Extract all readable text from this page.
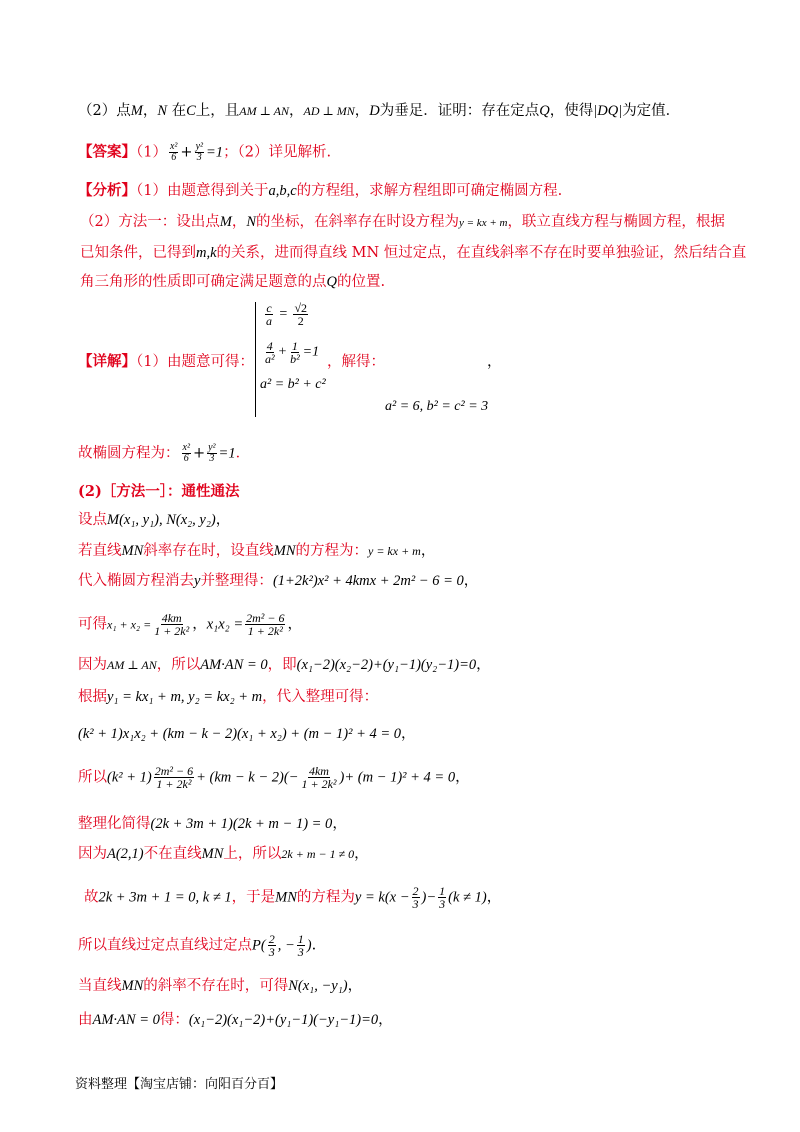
（2）点M，N 在C上，且AM ⊥ AN，AD ⊥ MN，D为垂足．证明：存在定点Q，使得|DQ|为定值．
【答案】$(1) \frac{\text{x²}}{6} + \frac{\text{y²}}{3} =1$；（2）详见解析.
【分析】（1）由题意得到关于a,b,c的方程组，求解方程组即可确定椭圆方程.
（2）方法一：设出点M，N的坐标，在斜率存在时设方程为y = kx + m，联立直线方程与椭圆方程，根据
已知条件，已得到m,k的关系，进而得直线 MN 恒过定点，在直线斜率不存在时要单独验证，然后结合直
角三角形的性质即可确定满足题意的点Q的位置.
【详解】（1）由题意可得：
$\frac{c}{a} = \frac{√2}{2}$
$\frac{4}{\text{a²}} + \frac{1}{\text{b²}} =1$
a² = b² + c²
，解得：	，
a² = 6, b² = c² = 3
故椭圆方程为： $\frac{\text{x²}}{6} + \frac{\text{y²}}{3} =1$．
(2)［方法一］：通性通法
设点M(x₁, y₁), N(x₂, y₂)，
若直线MN斜率存在时，设直线MN的方程为：y = kx + m，
代入椭圆方程消去y并整理得：(1+2k²)x² + 4kmx + 2m² − 6 = 0，
可得$x_1 + x_2 = \frac{4km}{\text{1 + 2k²}}$ ，$x_1x_2 = \frac{\text{2m² − 6}}{\text{1 + 2k²}}$ ，
因为AM ⊥ AN，所以AM·AN = 0，即(x₁−2)(x₂−2)+(y₁−1)(y₂−1)=0，
根据y₁ = kx₁ + m, y₂ = kx₂ + m，代入整理可得：
(k² + 1)x₁x₂ + (km − k − 2)(x₁ + x₂) + (m − 1)² + 4 = 0，
所以$(k^2 + 1) \frac{\text{2m² − 6}}{\text{1 + 2k²}} + (km - k - 2)(- \frac{4km}{\text{1 + 2k²}}$ )+ (m − 1)² + 4 = 0，
整理化简得(2k + 3m + 1)(2k + m − 1) = 0，
因为A(2,1)不在直线MN上，所以2k + m − 1 ≠ 0，
故2k + 3m + 1 = 0, k ≠ 1，于是MN的方程为$y = k(x - \frac{2}{3}$ )− $\frac{1}{3} (k \ne 1)$，
所以直线过定点直线过定点$P( \frac{2}{3}$ , − $\frac{1}{3}$ ).
当直线MN的斜率不存在时，可得N(x₁, −y₁)，
由AM·AN = 0得：(x₁−2)(x₁−2)+(y₁−1)(−y₁−1)=0，
资料整理【淘宝店铺：向阳百分百】
